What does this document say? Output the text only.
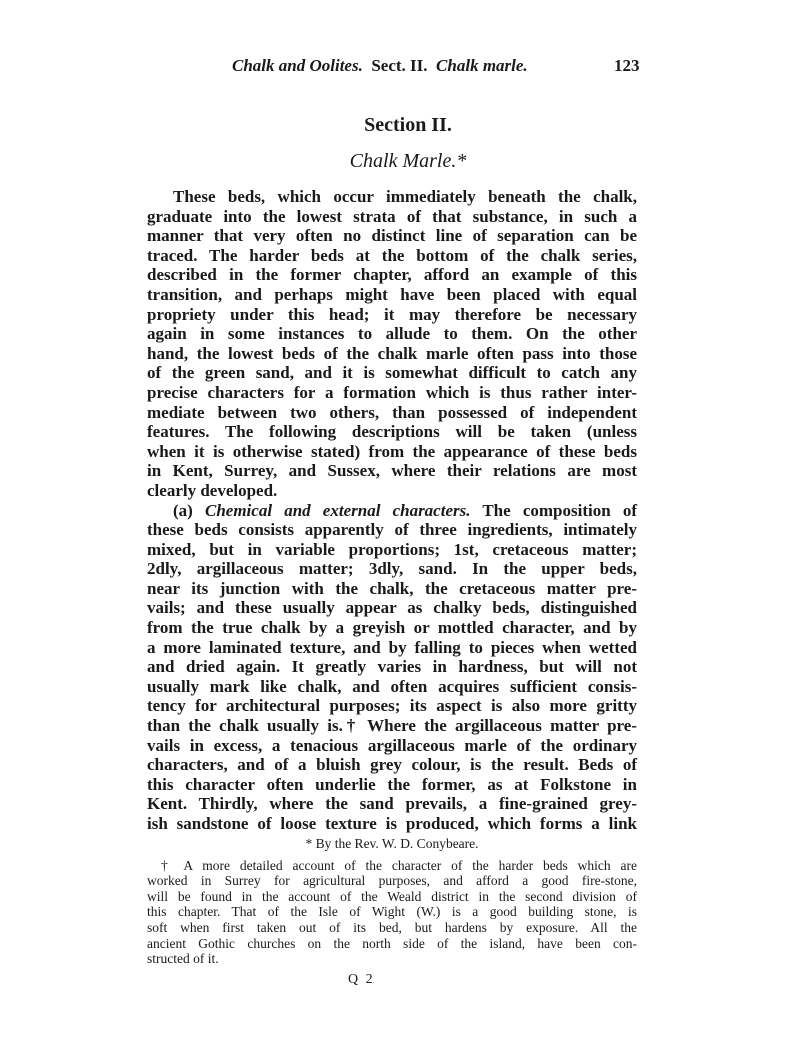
Chalk and Oolites. Sect. II. Chalk marle.	123
Section II.
Chalk Marle.*
These beds, which occur immediately beneath the chalk,
graduate into the lowest strata of that substance, in such a
manner that very often no distinct line of separation can be
traced. The harder beds at the bottom of the chalk series,
described in the former chapter, afford an example of this
transition, and perhaps might have been placed with equal
propriety under this head; it may therefore be necessary
again in some instances to allude to them. On the other
hand, the lowest beds of the chalk marle often pass into those
of the green sand, and it is somewhat difficult to catch any
precise characters for a formation which is thus rather inter-
mediate between two others, than possessed of independent
features. The following descriptions will be taken (unless
when it is otherwise stated) from the appearance of these beds
in Kent, Surrey, and Sussex, where their relations are most
clearly developed.
(a) Chemical and external characters. The composition of
these beds consists apparently of three ingredients, intimately
mixed, but in variable proportions; 1st, cretaceous matter;
2dly, argillaceous matter; 3dly, sand. In the upper beds,
near its junction with the chalk, the cretaceous matter pre-
vails; and these usually appear as chalky beds, distinguished
from the true chalk by a greyish or mottled character, and by
a more laminated texture, and by falling to pieces when wetted
and dried again. It greatly varies in hardness, but will not
usually mark like chalk, and often acquires sufficient consis-
tency for architectural purposes; its aspect is also more gritty
than the chalk usually is.† Where the argillaceous matter pre-
vails in excess, a tenacious argillaceous marle of the ordinary
characters, and of a bluish grey colour, is the result. Beds of
this character often underlie the former, as at Folkstone in
Kent. Thirdly, where the sand prevails, a fine-grained grey-
ish sandstone of loose texture is produced, which forms a link
* By the Rev. W. D. Conybeare.
† A more detailed account of the character of the harder beds which are
worked in Surrey for agricultural purposes, and afford a good fire-stone,
will be found in the account of the Weald district in the second division of
this chapter. That of the Isle of Wight (W.) is a good building stone, is
soft when first taken out of its bed, but hardens by exposure. All the
ancient Gothic churches on the north side of the island, have been con-
structed of it.
Q 2
